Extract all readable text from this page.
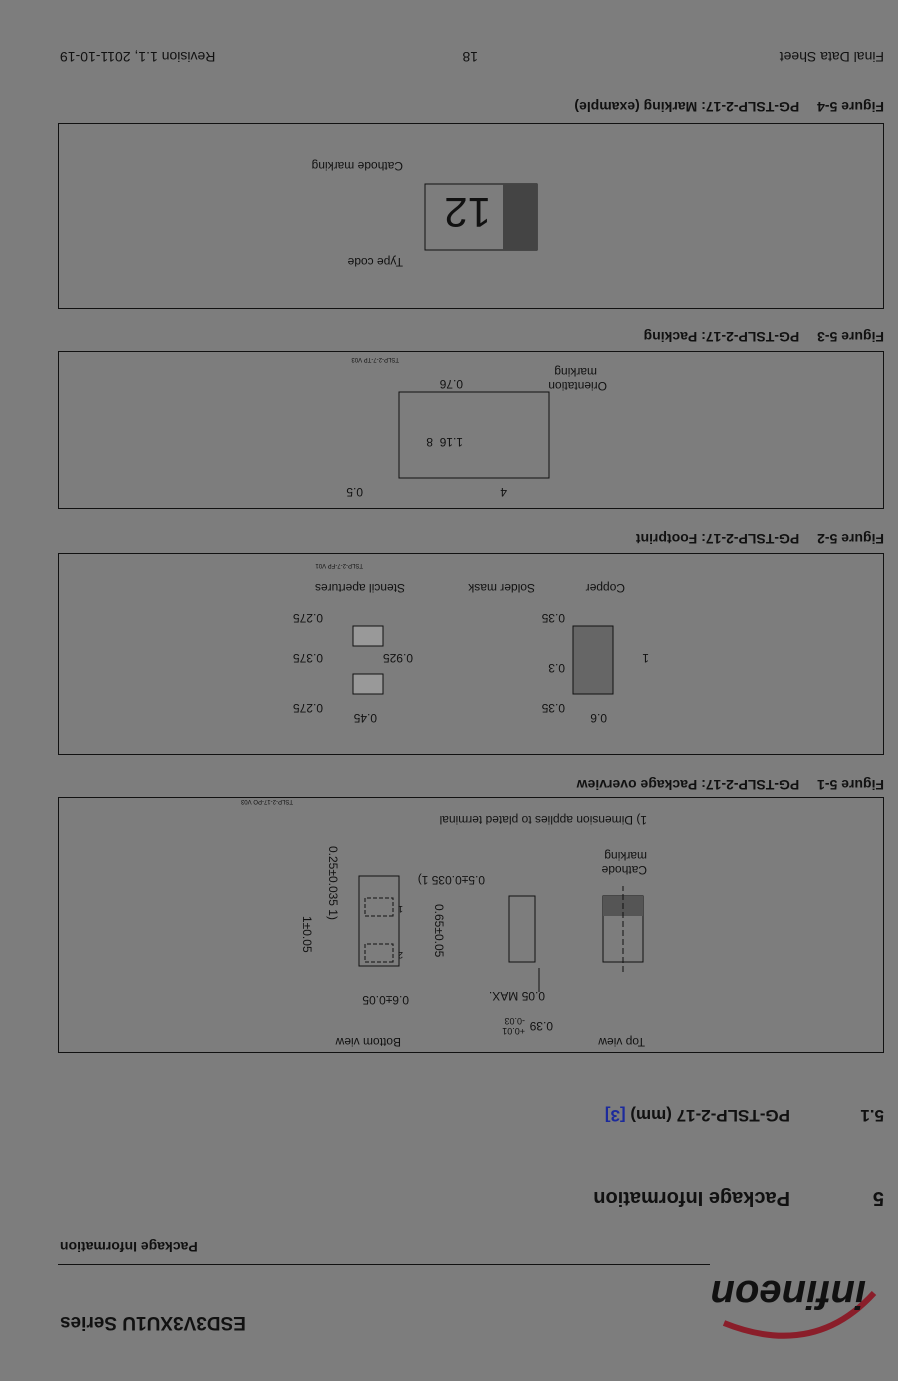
infineon
ESD3V3XU1U Series
Package Information
5
Package Information
5.1
PG-TSLP-2-17 (mm) [3]
Top view
Bottom view
Cathode
marking
0.39
+0.01
-0.03
0.05 MAX.
0.6±0.05
0.65±0.05
1±0.05
0.5±0.035 1)
0.25±0.035 1)
2
1
1) Dimension applies to plated terminal
TSLP-2-17-PO V03
Figure 5-1 PG-TSLP-2-17: Package overview
0.6
0.35
0.3
0.35
1
0.45
0.275
0.925
0.275
0.375
Copper
Solder mask
Stencil apertures
TSLP-2-7-FP V01
Figure 5-2 PG-TSLP-2-17: Footprint
4
1.16
8
0.76
0.5
Orientation
marking
TSLP-2-7-TP V03
Figure 5-3 PG-TSLP-2-17: Packing
12
Type code
Cathode marking
Figure 5-4 PG-TSLP-2-17: Marking (example)
Final Data Sheet
18
Revision 1.1, 2011-10-19
